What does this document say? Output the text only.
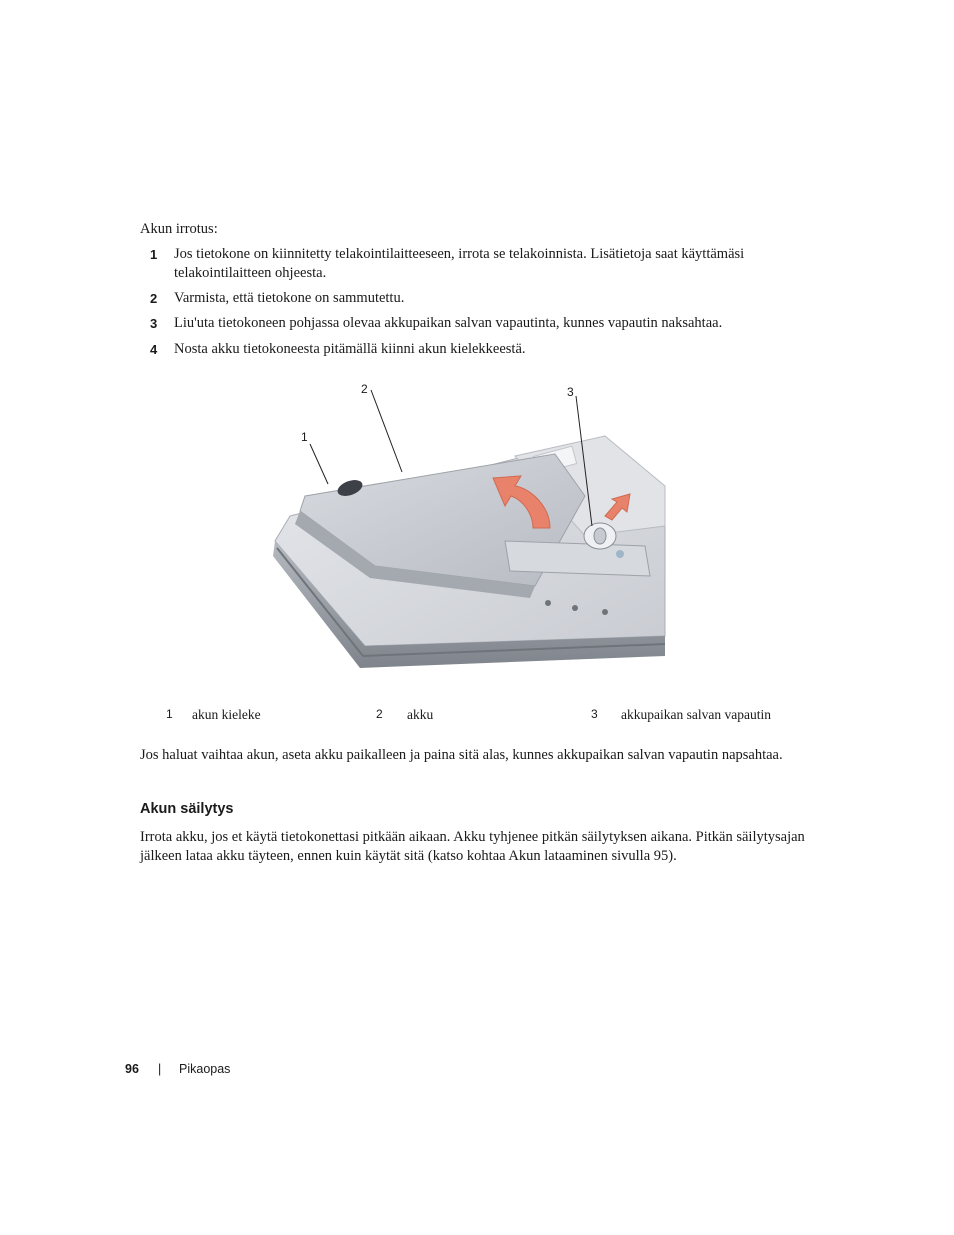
Akun irrotus:
1 Jos tietokone on kiinnitetty telakointilaitteeseen, irrota se telakoinnista. Lisätietoja saat käyttämäsi telakointilaitteen ohjeesta.
2 Varmista, että tietokone on sammutettu.
3 Liu'uta tietokoneen pohjassa olevaa akkupaikan salvan vapautinta, kunnes vapautin naksahtaa.
4 Nosta akku tietokoneesta pitämällä kiinni akun kielekkeestä.
1
2	3
1 akun kieleke	2 akku	3 akkupaikan salvan vapautin
Jos haluat vaihtaa akun, aseta akku paikalleen ja paina sitä alas, kunnes akkupaikan salvan vapautin napsahtaa.
Akun säilytys
Irrota akku, jos et käytä tietokonettasi pitkään aikaan. Akku tyhjenee pitkän säilytyksen aikana. Pitkän säilytysajan jälkeen lataa akku täyteen, ennen kuin käytät sitä (katso kohtaa Akun lataaminen sivulla 95).
96 | Pikaopas
